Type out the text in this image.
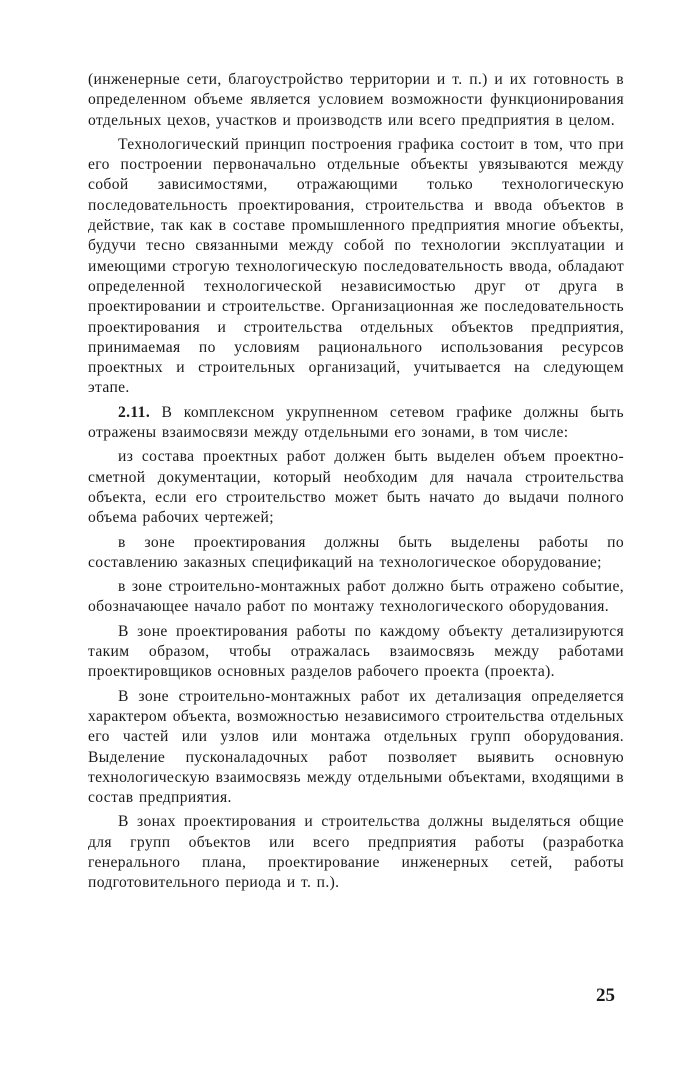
(инженерные сети, благоустройство территории и т. п.) и их готовность в определенном объеме является условием возможности функционирования отдельных цехов, участков и производств или всего предприятия в целом.

Технологический принцип построения графика состоит в том, что при его построении первоначально отдельные объекты увязываются между собой зависимостями, отражающими только технологическую последовательность проектирования, строительства и ввода объектов в действие, так как в составе промышленного предприятия многие объекты, будучи тесно связанными между собой по технологии эксплуатации и имеющими строгую технологическую последовательность ввода, обладают определенной технологической независимостью друг от друга в проектировании и строительстве. Организационная же последовательность проектирования и строительства отдельных объектов предприятия, принимаемая по условиям рационального использования ресурсов проектных и строительных организаций, учитывается на следующем этапе.

2.11. В комплексном укрупненном сетевом графике должны быть отражены взаимосвязи между отдельными его зонами, в том числе:

из состава проектных работ должен быть выделен объем проектно-сметной документации, который необходим для начала строительства объекта, если его строительство может быть начато до выдачи полного объема рабочих чертежей;

в зоне проектирования должны быть выделены работы по составлению заказных спецификаций на технологическое оборудование;

в зоне строительно-монтажных работ должно быть отражено событие, обозначающее начало работ по монтажу технологического оборудования.

В зоне проектирования работы по каждому объекту детализируются таким образом, чтобы отражалась взаимосвязь между работами проектировщиков основных разделов рабочего проекта (проекта).

В зоне строительно-монтажных работ их детализация определяется характером объекта, возможностью независимого строительства отдельных его частей или узлов или монтажа отдельных групп оборудования. Выделение пусконаладочных работ позволяет выявить основную технологическую взаимосвязь между отдельными объектами, входящими в состав предприятия.

В зонах проектирования и строительства должны выделяться общие для групп объектов или всего предприятия работы (разработка генерального плана, проектирование инженерных сетей, работы подготовительного периода и т. п.).

25
